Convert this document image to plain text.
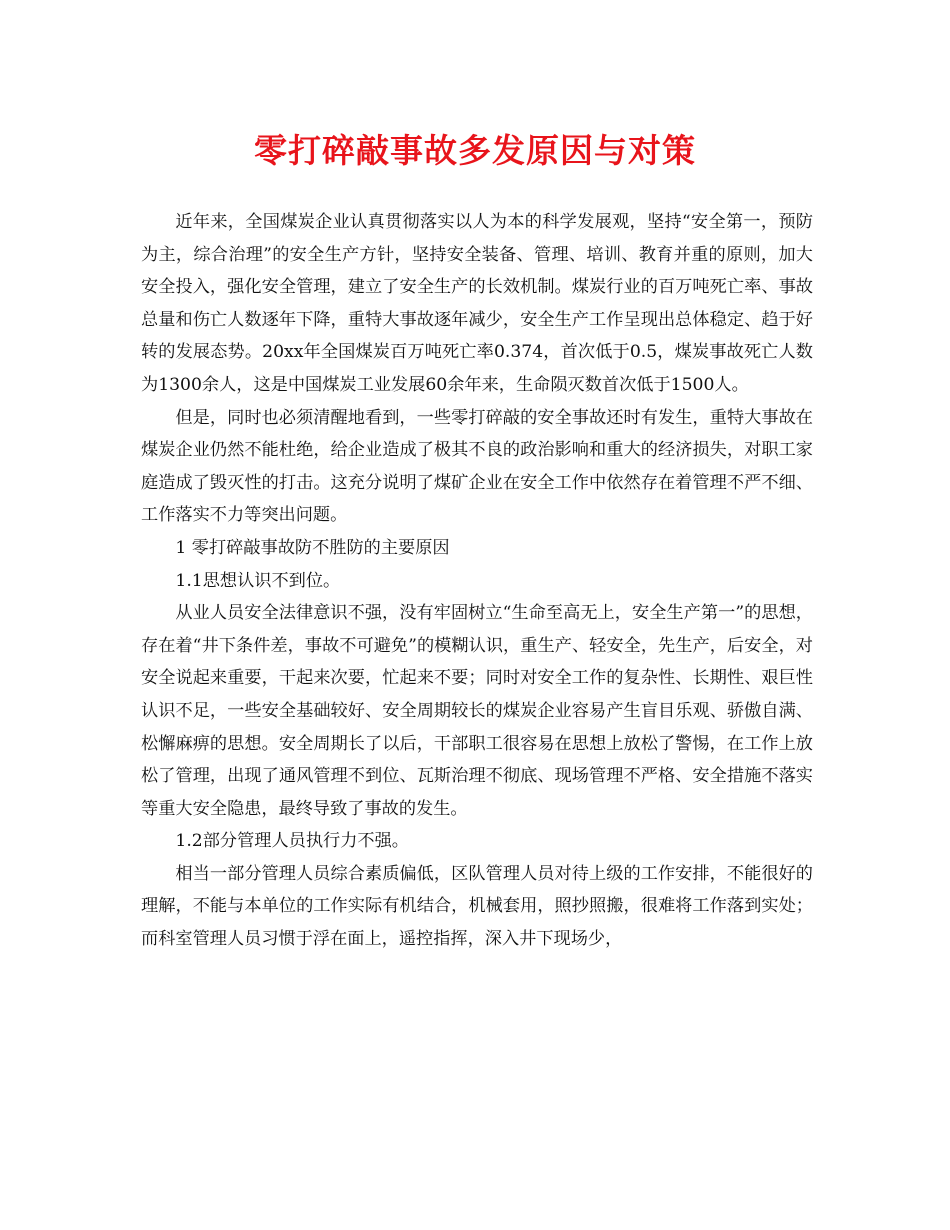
零打碎敲事故多发原因与对策

近年来，全国煤炭企业认真贯彻落实以人为本的科学发展观，坚持“安全第一，预防为主，综合治理”的安全生产方针，坚持安全装备、管理、培训、教育并重的原则，加大安全投入，强化安全管理，建立了安全生产的长效机制。煤炭行业的百万吨死亡率、事故总量和伤亡人数逐年下降，重特大事故逐年减少，安全生产工作呈现出总体稳定、趋于好转的发展态势。20xx年全国煤炭百万吨死亡率0.374，首次低于0.5，煤炭事故死亡人数为1300余人，这是中国煤炭工业发展60余年来，生命陨灭数首次低于1500人。

但是，同时也必须清醒地看到，一些零打碎敲的安全事故还时有发生，重特大事故在煤炭企业仍然不能杜绝，给企业造成了极其不良的政治影响和重大的经济损失，对职工家庭造成了毁灭性的打击。这充分说明了煤矿企业在安全工作中依然存在着管理不严不细、工作落实不力等突出问题。

1 零打碎敲事故防不胜防的主要原因

1.1思想认识不到位。

从业人员安全法律意识不强，没有牢固树立“生命至高无上，安全生产第一”的思想，存在着“井下条件差，事故不可避免”的模糊认识，重生产、轻安全，先生产，后安全，对安全说起来重要，干起来次要，忙起来不要；同时对安全工作的复杂性、长期性、艰巨性认识不足，一些安全基础较好、安全周期较长的煤炭企业容易产生盲目乐观、骄傲自满、松懈麻痹的思想。安全周期长了以后，干部职工很容易在思想上放松了警惕，在工作上放松了管理，出现了通风管理不到位、瓦斯治理不彻底、现场管理不严格、安全措施不落实等重大安全隐患，最终导致了事故的发生。

1.2部分管理人员执行力不强。

相当一部分管理人员综合素质偏低，区队管理人员对待上级的工作安排，不能很好的理解，不能与本单位的工作实际有机结合，机械套用，照抄照搬，很难将工作落到实处；而科室管理人员习惯于浮在面上，遥控指挥，深入井下现场少，
